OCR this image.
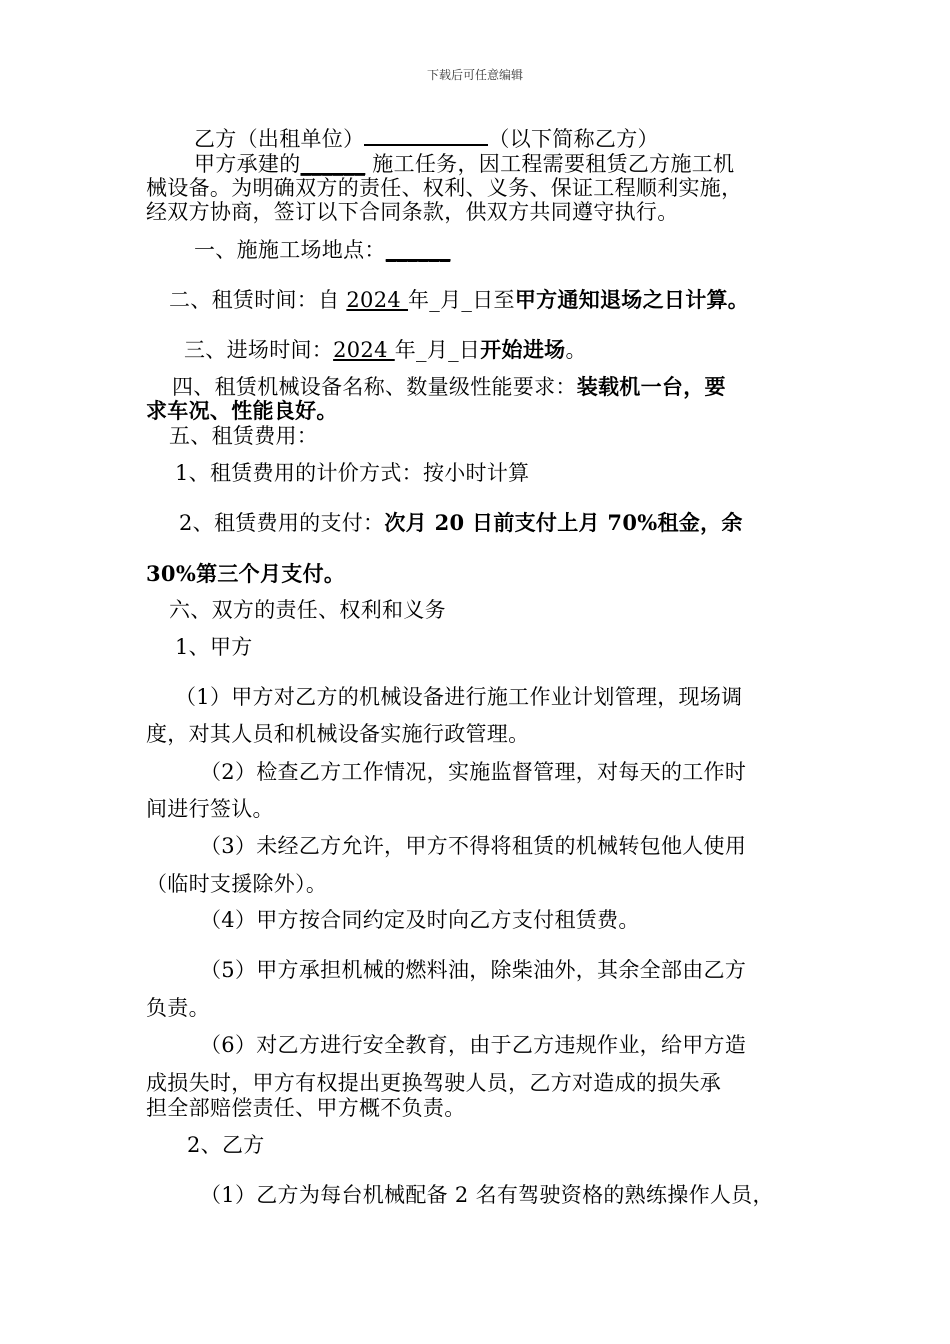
下载后可任意编辑
乙方（出租单位）	（以下简称乙方）
甲方承建的______ 施工任务，因工程需要租赁乙方施工机
械设备。为明确双方的责任、权利、义务、保证工程顺利实施，
经双方协商，签订以下合同条款，供双方共同遵守执行。
一、施施工场地点：______
二、租赁时间：自 2024 年_月_日至甲方通知退场之日计算。
三、进场时间：2024 年_月_日开始进场。
四、租赁机械设备名称、数量级性能要求：装载机一台，要
求车况、性能良好。
五、租赁费用：
1、租赁费用的计价方式：按小时计算
2、租赁费用的支付：次月 20 日前支付上月 70%租金，余
30%第三个月支付。
六、双方的责任、权利和义务
1、甲方
（1）甲方对乙方的机械设备进行施工作业计划管理，现场调
度，对其人员和机械设备实施行政管理。
（2）检查乙方工作情况，实施监督管理，对每天的工作时
间进行签认。
（3）未经乙方允许，甲方不得将租赁的机械转包他人使用
（临时支援除外）。
（4）甲方按合同约定及时向乙方支付租赁费。
（5）甲方承担机械的燃料油，除柴油外，其余全部由乙方
负责。
（6）对乙方进行安全教育，由于乙方违规作业，给甲方造
成损失时，甲方有权提出更换驾驶人员，乙方对造成的损失承
担全部赔偿责任、甲方概不负责。
2、乙方
（1）乙方为每台机械配备 2 名有驾驶资格的熟练操作人员，
